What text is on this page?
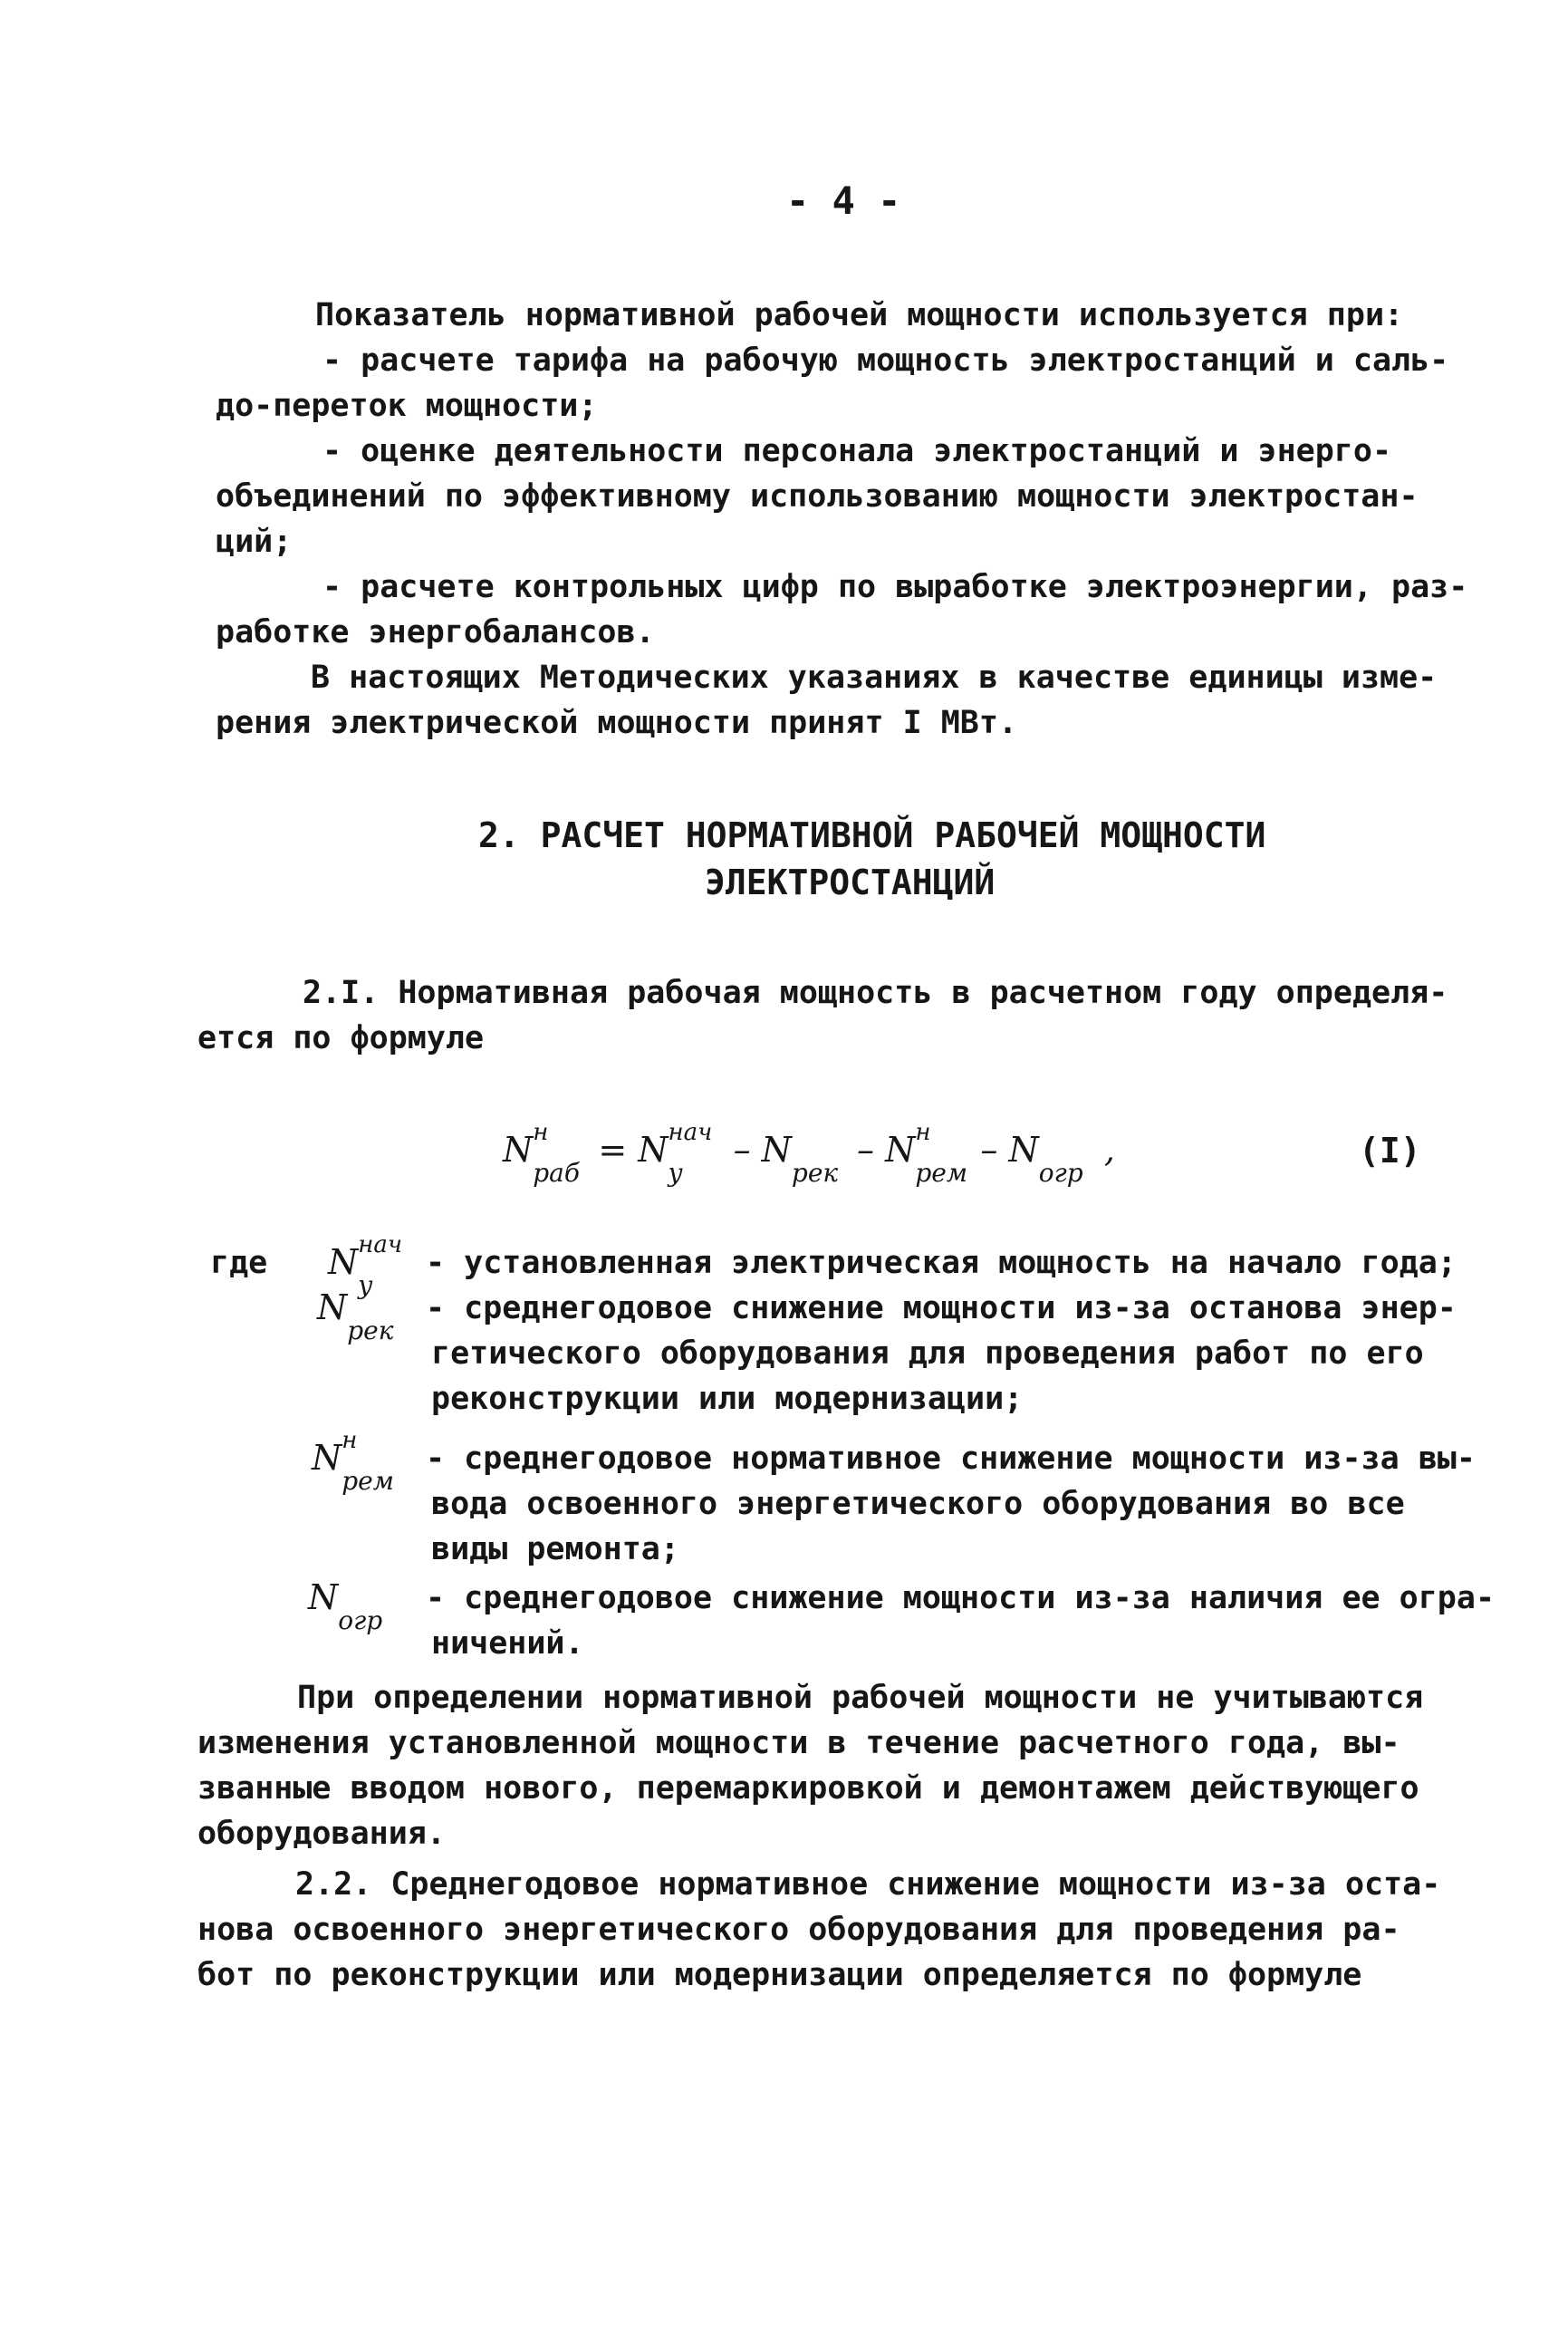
- 4 -
Показатель нормативной рабочей мощности используется при:
- расчете тарифа на рабочую мощность электростанций и саль-
до-переток мощности;
- оценке деятельности персонала электростанций и энерго-
объединений по эффективному использованию мощности электростан-
ций;
- расчете контрольных цифр по выработке электроэнергии, раз-
работке энергобалансов.
В настоящих Методических указаниях в качестве единицы изме-
рения электрической мощности принят I МВт.
2. РАСЧЕТ НОРМАТИВНОЙ РАБОЧЕЙ МОЩНОСТИ
ЭЛЕКТРОСТАНЦИЙ
2.I. Нормативная рабочая мощность в расчетном году определя-
ется по формуле
N н
раб
= N нач
у
– N
рек
– N н
рем
– N
огр
,	(I)
где N нач
у
- установленная электрическая мощность на начало года;
N
рек
- среднегодовое снижение мощности из-за останова энер-
гетического оборудования для проведения работ по его
реконструкции или модернизации;
N н
рем
- среднегодовое нормативное снижение мощности из-за вы-
вода освоенного энергетического оборудования во все
виды ремонта;
N
огр
- среднегодовое снижение мощности из-за наличия ее огра-
ничений.
При определении нормативной рабочей мощности не учитываются
изменения установленной мощности в течение расчетного года, вы-
званные вводом нового, перемаркировкой и демонтажем действующего
оборудования.
2.2. Среднегодовое нормативное снижение мощности из-за оста-
нова освоенного энергетического оборудования для проведения ра-
бот по реконструкции или модернизации определяется по формуле
